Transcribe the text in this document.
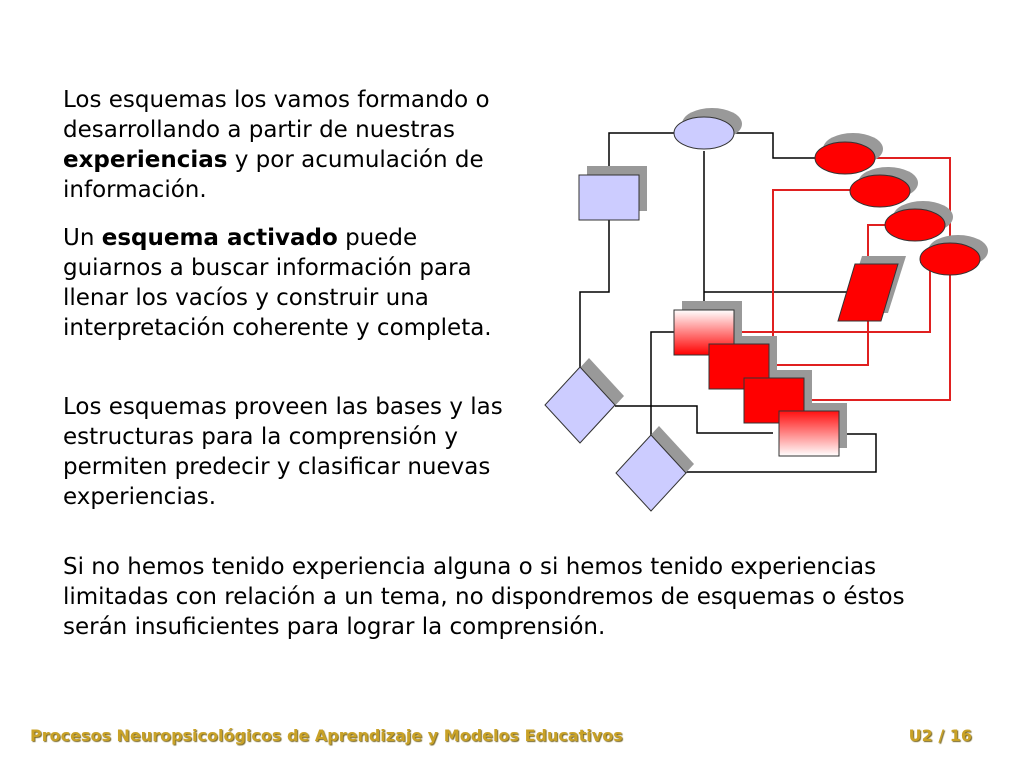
Los esquemas los vamos formando o desarrollando a partir de nuestras experiencias y por acumulación de información.

Un esquema activado puede guiarnos a buscar información para llenar los vacíos y construir una interpretación coherente y completa.

Los esquemas proveen las bases y las estructuras para la comprensión y permiten predecir y clasificar nuevas experiencias.

Si no hemos tenido experiencia alguna o si hemos tenido experiencias limitadas con relación a un tema, no dispondremos de esquemas o éstos serán insuficientes para lograr la comprensión.

Procesos Neuropsicológicos de Aprendizaje y Modelos Educativos	U2 / 16
